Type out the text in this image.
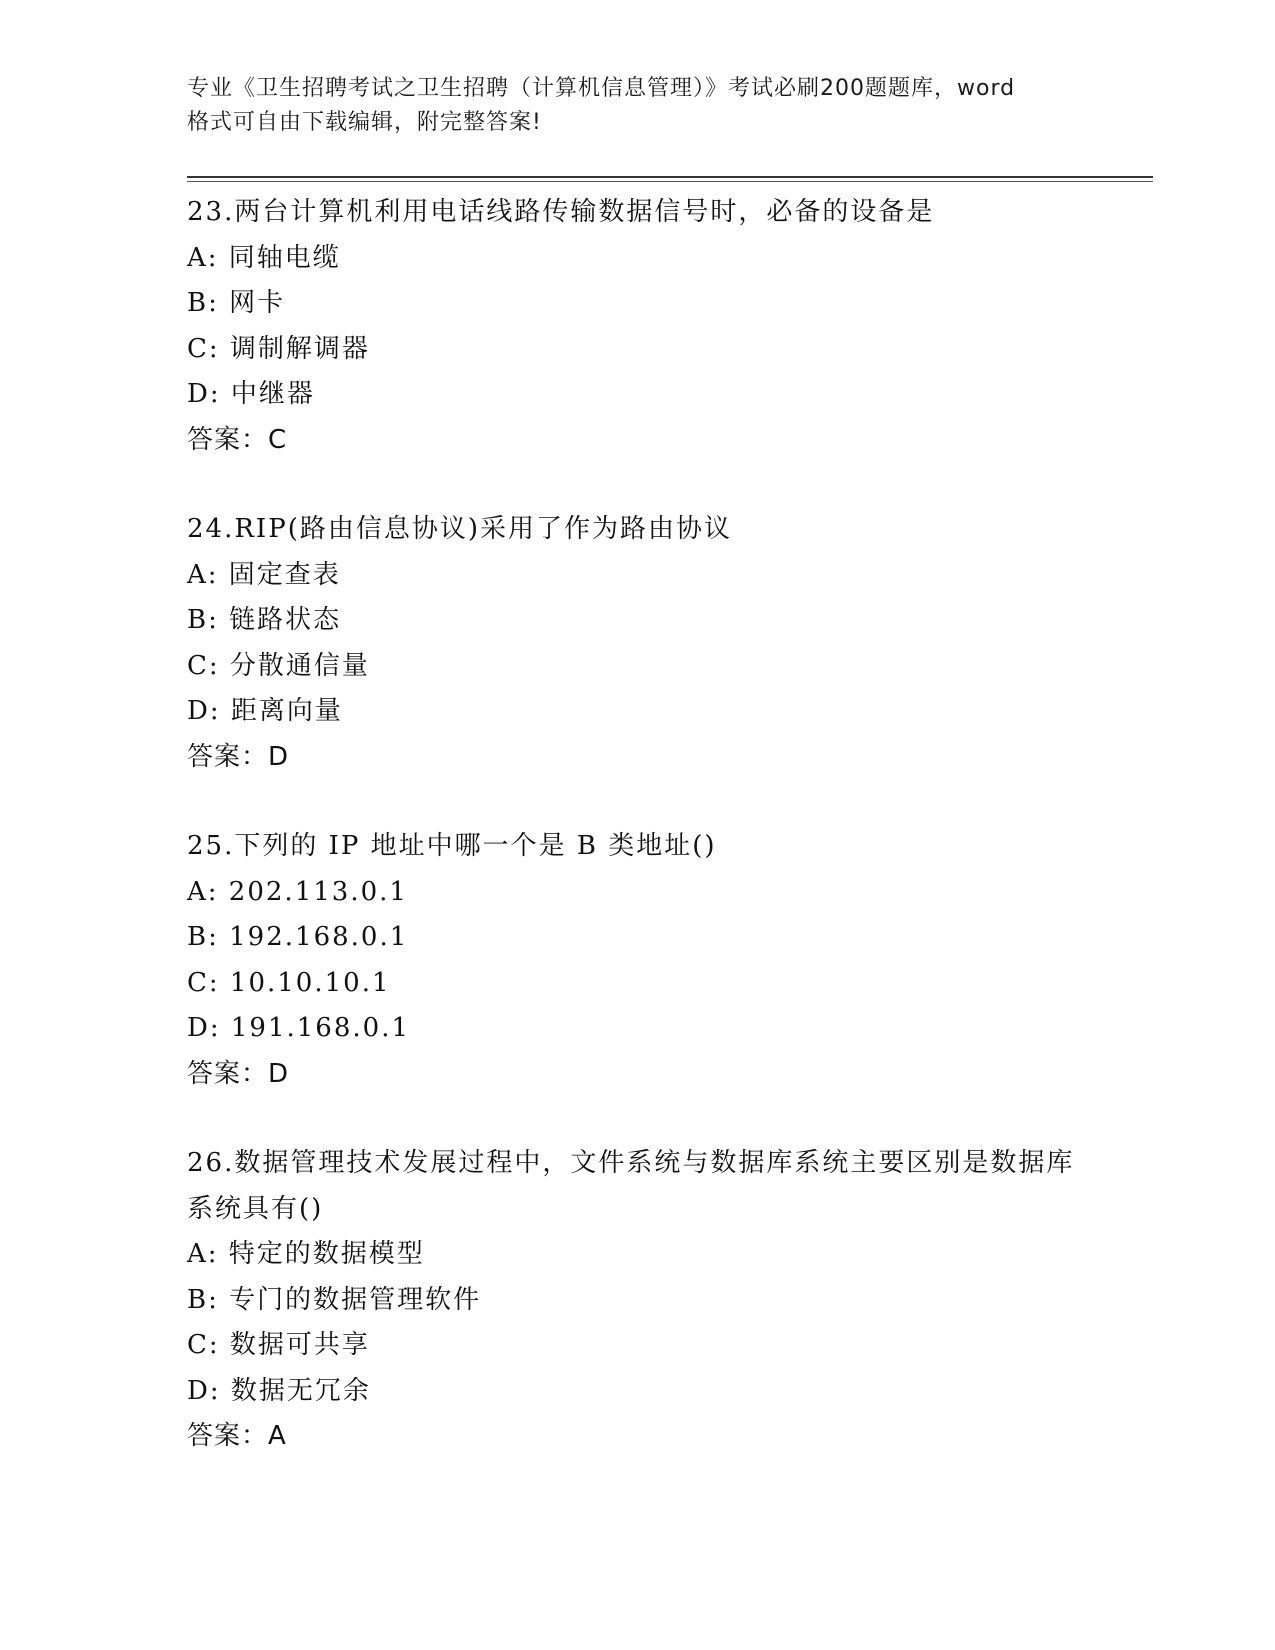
专业《卫生招聘考试之卫生招聘（计算机信息管理）》考试必刷200题题库，word
格式可自由下载编辑，附完整答案!

23.两台计算机利用电话线路传输数据信号时，必备的设备是

A: 同轴电缆

B: 网卡

C: 调制解调器

D: 中继器

答案：C

24.RIP(路由信息协议)采用了作为路由协议

A: 固定查表

B: 链路状态

C: 分散通信量

D: 距离向量

答案：D

25.下列的 IP 地址中哪一个是 B 类地址()

A: 202.113.0.1

B: 192.168.0.1

C: 10.10.10.1

D: 191.168.0.1

答案：D

26.数据管理技术发展过程中，文件系统与数据库系统主要区别是数据库系统具有()

A: 特定的数据模型

B: 专门的数据管理软件

C: 数据可共享

D: 数据无冗余

答案：A
